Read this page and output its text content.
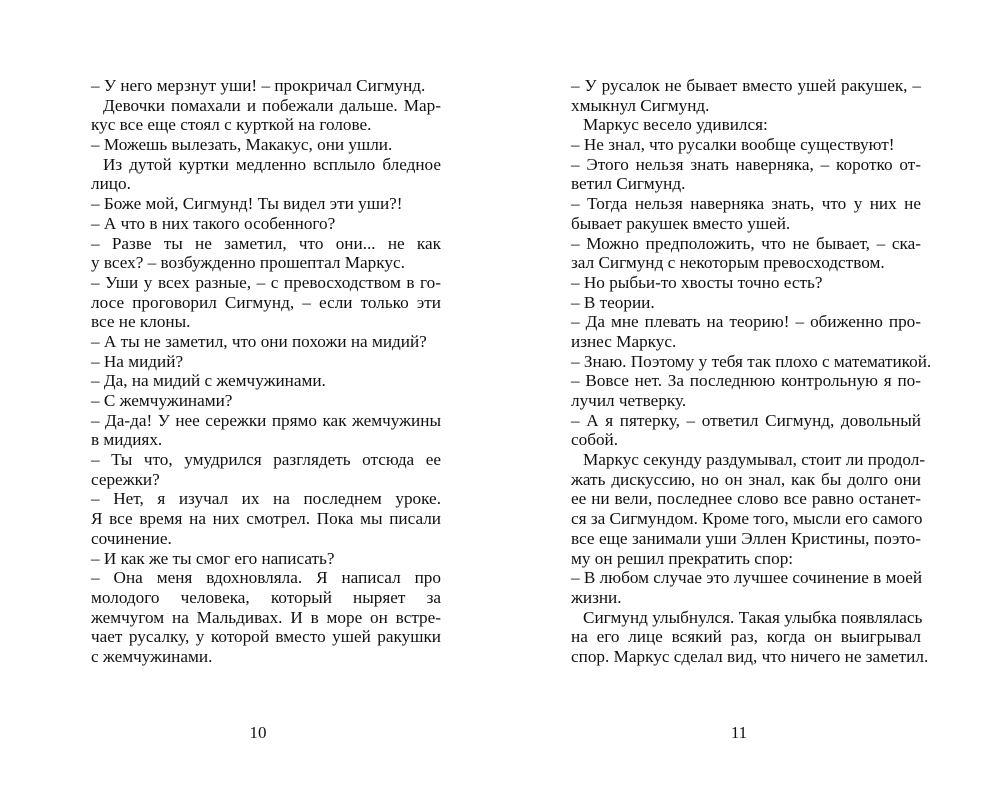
– У него мерзнут уши! – прокричал Сигмунд.
Девочки помахали и побежали дальше. Мар-
кус все еще стоял с курткой на голове.
– Можешь вылезать, Макакус, они ушли.
Из дутой куртки медленно всплыло бледное
лицо.
– Боже мой, Сигмунд! Ты видел эти уши?!
– А что в них такого особенного?
– Разве ты не заметил, что они... не как
у всех? – возбужденно прошептал Маркус.
– Уши у всех разные, – с превосходством в го-
лосе проговорил Сигмунд, – если только эти
все не клоны.
– А ты не заметил, что они похожи на мидий?
– На мидий?
– Да, на мидий с жемчужинами.
– С жемчужинами?
– Да-да! У нее сережки прямо как жемчужины
в мидиях.
– Ты что, умудрился разглядеть отсюда ее
сережки?
– Нет, я изучал их на последнем уроке.
Я все время на них смотрел. Пока мы писали
сочинение.
– И как же ты смог его написать?
– Она меня вдохновляла. Я написал про
молодого человека, который ныряет за
жемчугом на Мальдивах. И в море он встре-
чает русалку, у которой вместо ушей ракушки
с жемчужинами.
10
– У русалок не бывает вместо ушей ракушек, –
хмыкнул Сигмунд.
Маркус весело удивился:
– Не знал, что русалки вообще существуют!
– Этого нельзя знать наверняка, – коротко от-
ветил Сигмунд.
– Тогда нельзя наверняка знать, что у них не
бывает ракушек вместо ушей.
– Можно предположить, что не бывает, – ска-
зал Сигмунд с некоторым превосходством.
– Но рыбьи-то хвосты точно есть?
– В теории.
– Да мне плевать на теорию! – обиженно про-
изнес Маркус.
– Знаю. Поэтому у тебя так плохо с математикой.
– Вовсе нет. За последнюю контрольную я по-
лучил четверку.
– А я пятерку, – ответил Сигмунд, довольный
собой.
Маркус секунду раздумывал, стоит ли продол-
жать дискуссию, но он знал, как бы долго они
ее ни вели, последнее слово все равно останет-
ся за Сигмундом. Кроме того, мысли его самого
все еще занимали уши Эллен Кристины, поэто-
му он решил прекратить спор:
– В любом случае это лучшее сочинение в моей
жизни.
Сигмунд улыбнулся. Такая улыбка появлялась
на его лице всякий раз, когда он выигрывал
спор. Маркус сделал вид, что ничего не заметил.
11
